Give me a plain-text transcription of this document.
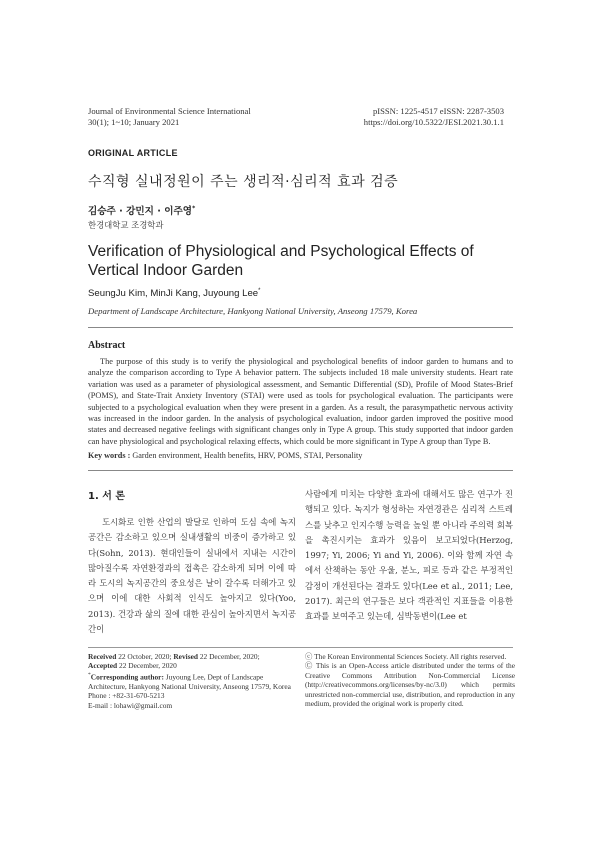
Journal of Environmental Science International
30(1); 1~10; January 2021
pISSN: 1225-4517 eISSN: 2287-3503
https://doi.org/10.5322/JESI.2021.30.1.1
ORIGINAL ARTICLE
수직형 실내정원이 주는 생리적·심리적 효과 검증
김승주 · 강민지 · 이주영*
한경대학교 조경학과
Verification of Physiological and Psychological Effects of Vertical Indoor Garden
SeungJu Kim, MinJi Kang, Juyoung Lee*
Department of Landscape Architecture, Hankyong National University, Anseong 17579, Korea
Abstract

The purpose of this study is to verify the physiological and psychological benefits of indoor garden to humans and to analyze the comparison according to Type A behavior pattern. The subjects included 18 male university students. Heart rate variation was used as a parameter of physiological assessment, and Semantic Differential (SD), Profile of Mood States-Brief (POMS), and State-Trait Anxiety Inventory (STAI) were used as tools for psychological evaluation. The participants were subjected to a psychological evaluation when they were present in a garden. As a result, the parasympathetic nervous activity was increased in the indoor garden. In the analysis of psychological evaluation, indoor garden improved the positive mood states and decreased negative feelings with significant changes only in Type A group. This study supported that indoor garden can have physiological and psychological relaxing effects, which could be more significant in Type A group than Type B.

Key words : Garden environment, Health benefits, HRV, POMS, STAI, Personality
1. 서 론

도시화로 인한 산업의 발달로 인하여 도심 속에 녹지공간은 감소하고 있으며 실내생활의 비중이 증가하고 있다(Sohn, 2013). 현대인들이 실내에서 지내는 시간이 많아질수록 자연환경과의 접촉은 감소하게 되며 이에 따라 도시의 녹지공간의 중요성은 날이 갈수록 더해가고 있으며 이에 대한 사회적 인식도 높아지고 있다(Yoo, 2013). 건강과 삶의 질에 대한 관심이 높아지면서 녹지공간이

사람에게 미치는 다양한 효과에 대해서도 많은 연구가 진행되고 있다. 녹지가 형성하는 자연경관은 심리적 스트레스를 낮추고 인지수행 능력을 높일 뿐 아니라 주의력 회복을 촉진시키는 효과가 있음이 보고되었다(Herzog, 1997; Yi, 2006; Yi and Yi, 2006). 이와 함께 자연 속에서 산책하는 동안 우울, 분노, 피로 등과 같은 부정적인 감정이 개선된다는 결과도 있다(Lee et al., 2011; Lee, 2017). 최근의 연구들은 보다 객관적인 지표들을 이용한 효과를 보여주고 있는데, 심박동변이(Lee et

Received 22 October, 2020; Revised 22 December, 2020;
Accepted 22 December, 2020
*Corresponding author: Juyoung Lee, Dept of Landscape Architecture, Hankyong National University, Anseong 17579, Korea
Phone : +82-31-670-5213
E-mail : lohawi@gmail.com
ⓒ The Korean Environmental Sciences Society. All rights reserved.
Ⓒ This is an Open-Access article distributed under the terms of the Creative Commons Attribution Non-Commercial License (http://creativecommons.org/licenses/by-nc/3.0) which permits unrestricted non-commercial use, distribution, and reproduction in any medium, provided the original work is properly cited.
